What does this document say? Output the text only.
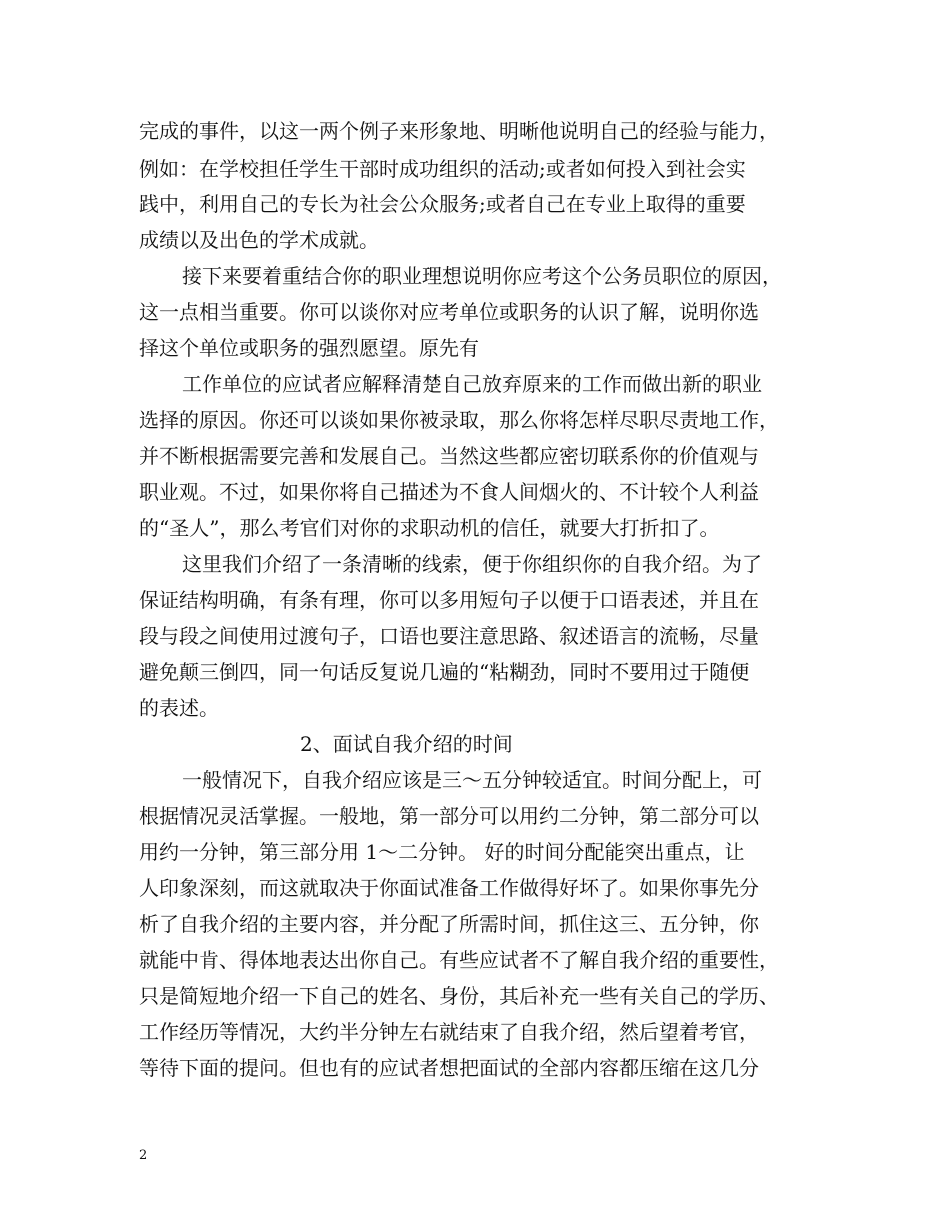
完成的事件，以这一两个例子来形象地、明晰他说明自己的经验与能力，
例如：在学校担任学生干部时成功组织的活动;或者如何投入到社会实
践中，利用自己的专长为社会公众服务;或者自己在专业上取得的重要
成绩以及出色的学术成就。
接下来要着重结合你的职业理想说明你应考这个公务员职位的原因，
这一点相当重要。你可以谈你对应考单位或职务的认识了解，说明你选
择这个单位或职务的强烈愿望。原先有
工作单位的应试者应解释清楚自己放弃原来的工作而做出新的职业
选择的原因。你还可以谈如果你被录取，那么你将怎样尽职尽责地工作，
并不断根据需要完善和发展自己。当然这些都应密切联系你的价值观与
职业观。不过，如果你将自己描述为不食人间烟火的、不计较个人利益
的“圣人”，那么考官们对你的求职动机的信任，就要大打折扣了。
这里我们介绍了一条清晰的线索，便于你组织你的自我介绍。为了
保证结构明确，有条有理，你可以多用短句子以便于口语表述，并且在
段与段之间使用过渡句子，口语也要注意思路、叙述语言的流畅，尽量
避免颠三倒四，同一句话反复说几遍的“粘糊劲，同时不要用过于随便
的表述。
2、面试自我介绍的时间
一般情况下，自我介绍应该是三～五分钟较适宜。时间分配上，可
根据情况灵活掌握。一般地，第一部分可以用约二分钟，第二部分可以
用约一分钟，第三部分用 1～二分钟。 好的时间分配能突出重点，让
人印象深刻，而这就取决于你面试准备工作做得好坏了。如果你事先分
析了自我介绍的主要内容，并分配了所需时间，抓住这三、五分钟，你
就能中肯、得体地表达出你自己。有些应试者不了解自我介绍的重要性，
只是简短地介绍一下自己的姓名、身份，其后补充一些有关自己的学历、
工作经历等情况，大约半分钟左右就结束了自我介绍，然后望着考官，
等待下面的提问。但也有的应试者想把面试的全部内容都压缩在这几分
2
